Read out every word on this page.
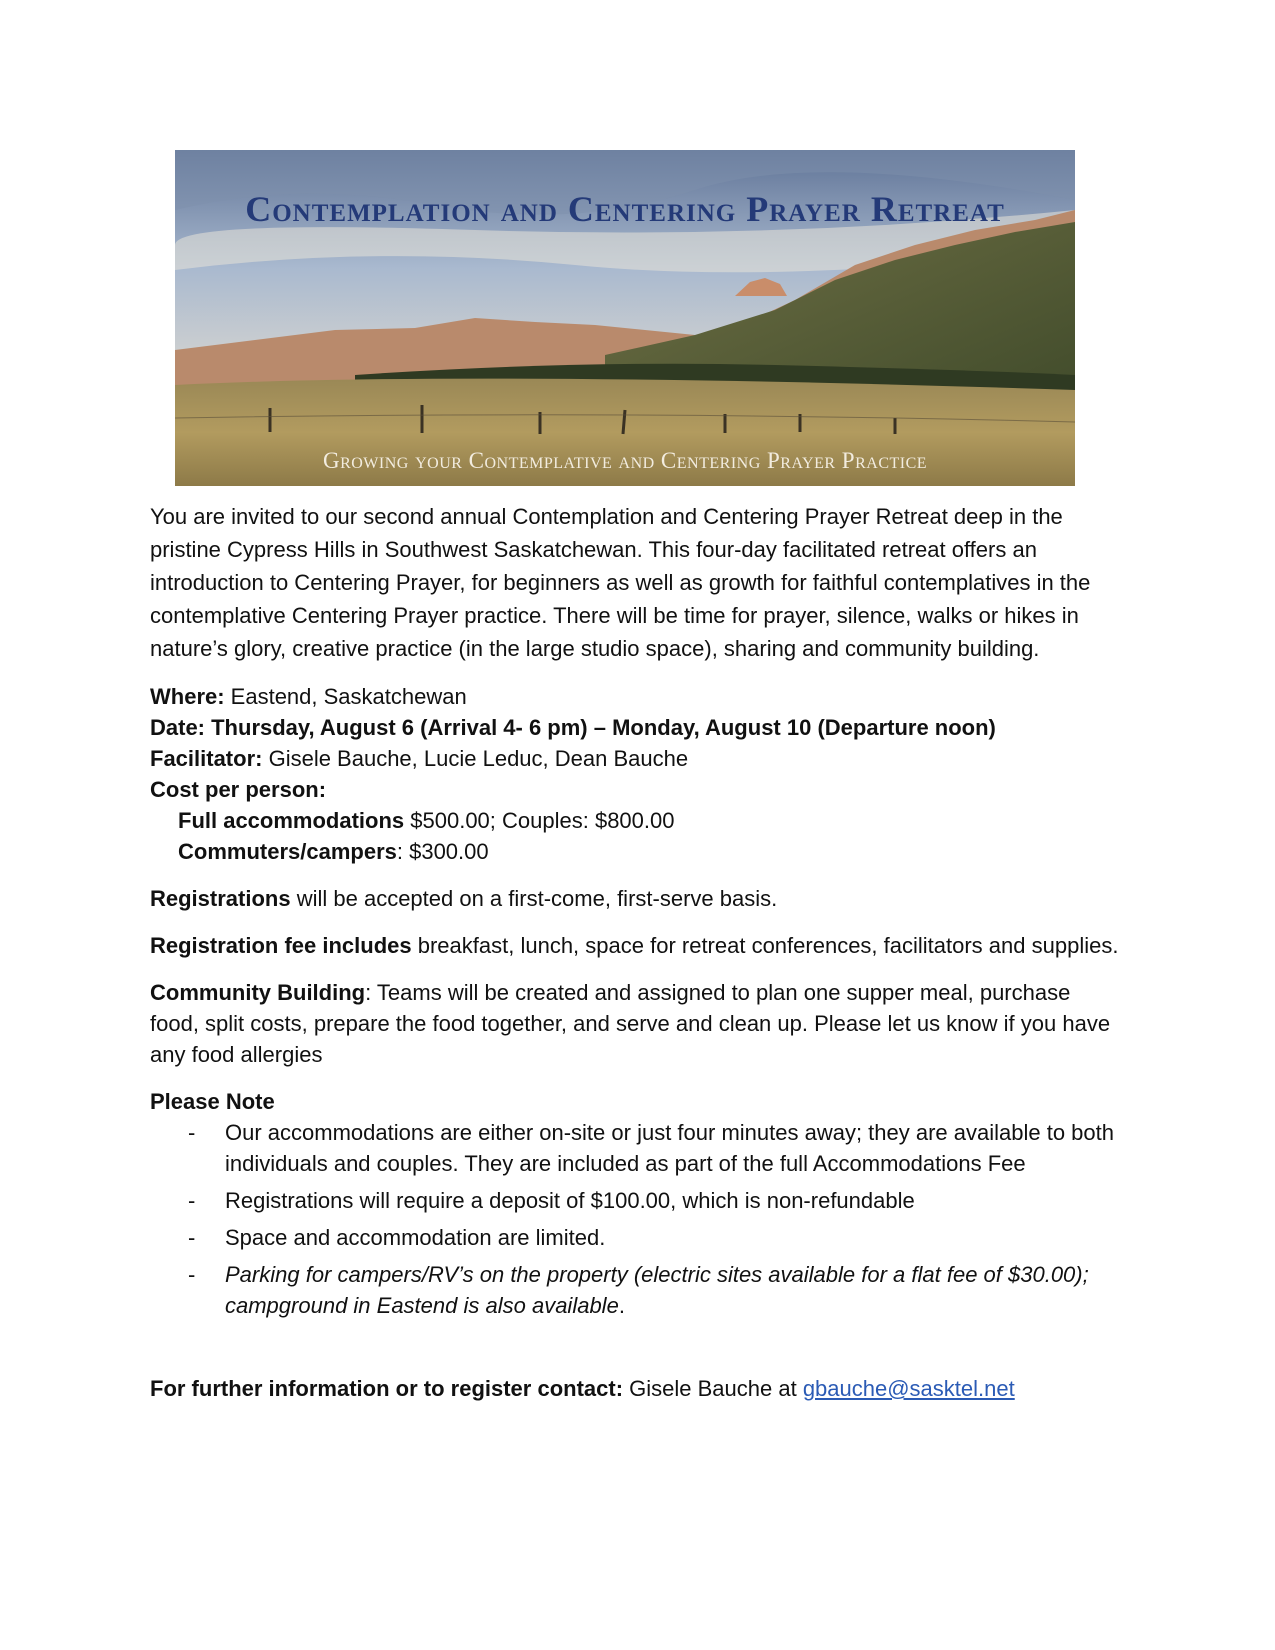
Contemplation and Centering Prayer Retreat
Growing your Contemplative and Centering Prayer Practice

You are invited to our second annual Contemplation and Centering Prayer Retreat deep in the pristine Cypress Hills in Southwest Saskatchewan. This four-day facilitated retreat offers an introduction to Centering Prayer, for beginners as well as growth for faithful contemplatives in the contemplative Centering Prayer practice. There will be time for prayer, silence, walks or hikes in nature’s glory, creative practice (in the large studio space), sharing and community building.

Where: Eastend, Saskatchewan
Date: Thursday, August 6 (Arrival 4- 6 pm) – Monday, August 10 (Departure noon)
Facilitator: Gisele Bauche, Lucie Leduc, Dean Bauche
Cost per person:
Full accommodations $500.00; Couples: $800.00
Commuters/campers: $300.00
Registrations will be accepted on a first-come, first-serve basis.
Registration fee includes breakfast, lunch, space for retreat conferences, facilitators and supplies.
Community Building: Teams will be created and assigned to plan one supper meal, purchase food, split costs, prepare the food together, and serve and clean up. Please let us know if you have any food allergies
Please Note
- Our accommodations are either on-site or just four minutes away; they are available to both individuals and couples. They are included as part of the full Accommodations Fee
- Registrations will require a deposit of $100.00, which is non-refundable
- Space and accommodation are limited.
- Parking for campers/RV’s on the property (electric sites available for a flat fee of $30.00); campground in Eastend is also available.
For further information or to register contact: Gisele Bauche at gbauche@sasktel.net
